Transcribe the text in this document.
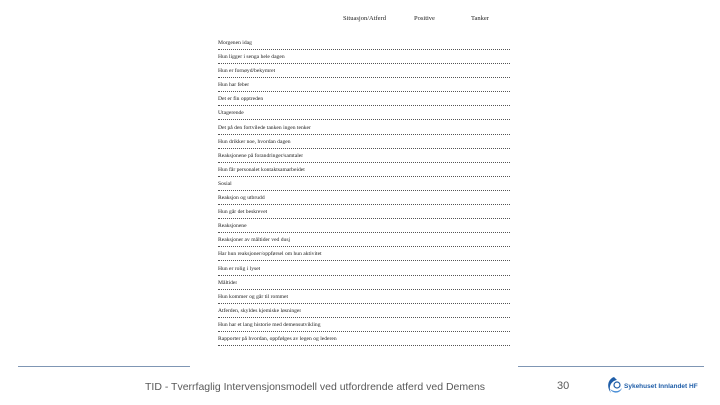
Situasjon/Atferd	Positive	Tanker
Morgenen idag
Hun ligger i senga hele dagen
Hun er fornøyd/bekymret
Hun har feber
Det er fin opptreden
Utagerende
Det på den fortvilede tanken ingen tenker
Hun drikker noe, hvordan dagen
Reaksjonene på forandringer/samtaler
Hun får personalet kontaktsamarbeidet
Sosial
Reaksjon og utbrudd
Hun går det beskrevet
Reaksjonene
Reaksjoner av måltider ved dusj
Har hun reaksjoner/oppførsel om hun aktivitet
Hun er rolig i lyset
Måltider
Hun kommer og går til rommet
Atferden, skyldes kjemiske løsninger
Hun har et lang historie med demensutvikling
Rapporter på hvordan, oppfølges av legen og lederen
TID - Tverrfaglig Intervensjonsmodell ved utfordrende atferd ved Demens	30	Sykehuset Innlandet HF
